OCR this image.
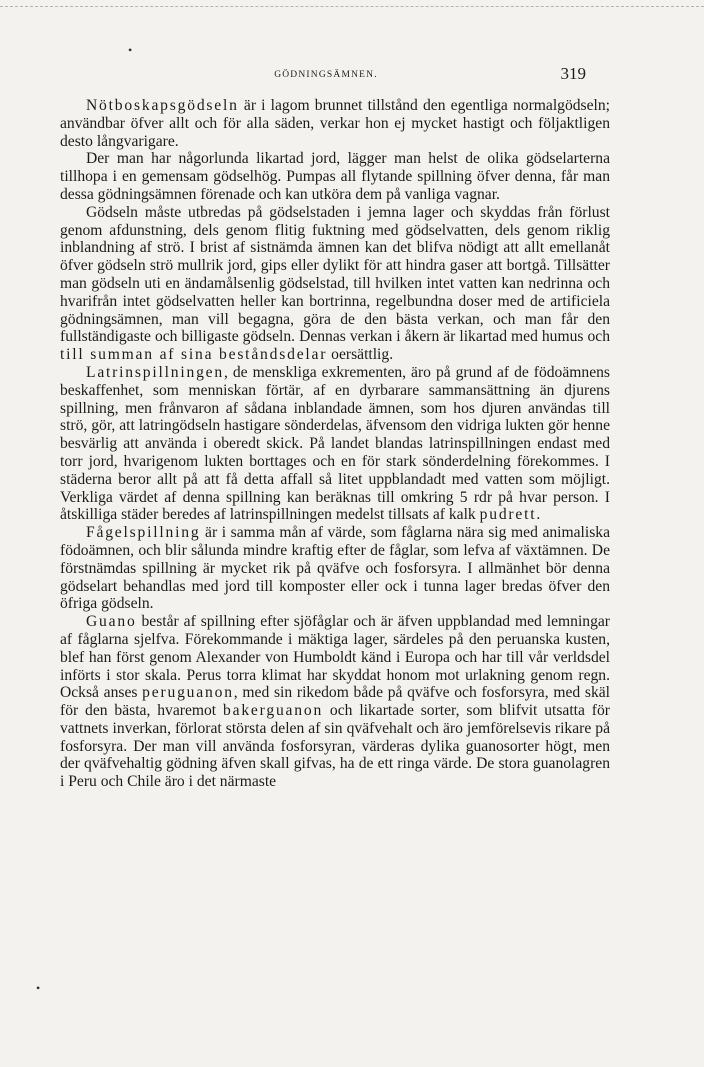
•
GÖDNINGSÄMNEN.	319

Nötboskapsgödseln är i lagom brunnet tillstånd den egentliga normalgödseln; användbar öfver allt och för alla säden, verkar hon ej mycket hastigt och följaktligen desto långvarigare.

Der man har någorlunda likartad jord, lägger man helst de olika gödselarterna tillhopa i en gemensam gödselhög. Pumpas all flytande spillning öfver denna, får man dessa gödningsämnen förenade och kan utköra dem på vanliga vagnar.

Gödseln måste utbredas på gödselstaden i jemna lager och skyddas från förlust genom afdunstning, dels genom flitig fuktning med gödselvatten, dels genom riklig inblandning af strö. I brist af sistnämda ämnen kan det blifva nödigt att allt emellanåt öfver gödseln strö mullrik jord, gips eller dylikt för att hindra gaser att bortgå. Tillsätter man gödseln uti en ändamålsenlig gödselstad, till hvilken intet vatten kan nedrinna och hvarifrån intet gödselvatten heller kan bortrinna, regelbundna doser med de artificiela gödningsämnen, man vill begagna, göra de den bästa verkan, och man får den fullständigaste och billigaste gödseln. Dennas verkan i åkern är likartad med humus och till summan af sina beståndsdelar oersättlig.

Latrinspillningen, de menskliga exkrementen, äro på grund af de födoämnens beskaffenhet, som menniskan förtär, af en dyrbarare sammansättning än djurens spillning, men frånvaron af sådana inblandade ämnen, som hos djuren användas till strö, gör, att latringödseln hastigare sönderdelas, äfvensom den vidriga lukten gör henne besvärlig att använda i oberedt skick. På landet blandas latrinspillningen endast med torr jord, hvarigenom lukten borttages och en för stark sönderdelning förekommes. I städerna beror allt på att få detta affall så litet uppblandadt med vatten som möjligt. Verkliga värdet af denna spillning kan beräknas till omkring 5 rdr på hvar person. I åtskilliga städer beredes af latrinspillningen medelst tillsats af kalk pudrett.

Fågelspillning är i samma mån af värde, som fåglarna nära sig med animaliska födoämnen, och blir sålunda mindre kraftig efter de fåglar, som lefva af växtämnen. De förstnämdas spillning är mycket rik på qväfve och fosforsyra. I allmänhet bör denna gödselart behandlas med jord till komposter eller ock i tunna lager bredas öfver den öfriga gödseln.

Guano består af spillning efter sjöfåglar och är äfven uppblandad med lemningar af fåglarna sjelfva. Förekommande i mäktiga lager, särdeles på den peruanska kusten, blef han först genom Alexander von Humboldt känd i Europa och har till vår verldsdel införts i stor skala. Perus torra klimat har skyddat honom mot urlakning genom regn. Också anses peruguanon, med sin rikedom både på qväfve och fosforsyra, med skäl för den bästa, hvaremot bakerguanon och likartade sorter, som blifvit utsatta för vattnets inverkan, förlorat största delen af sin qväfvehalt och äro jemförelsevis rikare på fosforsyra. Der man vill använda fosforsyran, värderas dylika guanosorter högt, men der qväfvehaltig gödning äfven skall gifvas, ha de ett ringa värde. De stora guanolagren i Peru och Chile äro i det närmaste

•
